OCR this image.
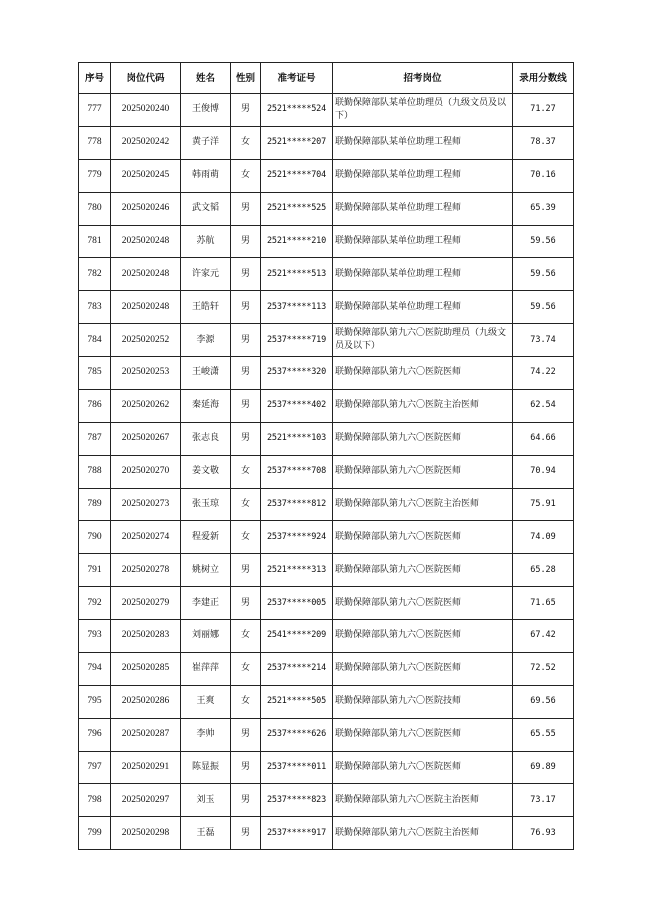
序号	岗位代码	姓名	性别	准考证号	招考岗位	录用分数线
777	2025020240	王俊博	男	2521*****524	联勤保障部队某单位助理员（九级文员及以下）	71.27
778	2025020242	黄子洋	女	2521*****207	联勤保障部队某单位助理工程师	78.37
779	2025020245	韩雨萌	女	2521*****704	联勤保障部队某单位助理工程师	70.16
780	2025020246	武文韬	男	2521*****525	联勤保障部队某单位助理工程师	65.39
781	2025020248	苏航	男	2521*****210	联勤保障部队某单位助理工程师	59.56
782	2025020248	许家元	男	2521*****513	联勤保障部队某单位助理工程师	59.56
783	2025020248	王皓轩	男	2537*****113	联勤保障部队某单位助理工程师	59.56
784	2025020252	李源	男	2537*****719	联勤保障部队第九六〇医院助理员（九级文员及以下）	73.74
785	2025020253	王峻潇	男	2537*****320	联勤保障部队第九六〇医院医师	74.22
786	2025020262	秦延海	男	2537*****402	联勤保障部队第九六〇医院主治医师	62.54
787	2025020267	张志良	男	2521*****103	联勤保障部队第九六〇医院医师	64.66
788	2025020270	姜文敬	女	2537*****708	联勤保障部队第九六〇医院医师	70.94
789	2025020273	张玉琼	女	2537*****812	联勤保障部队第九六〇医院主治医师	75.91
790	2025020274	程爱新	女	2537*****924	联勤保障部队第九六〇医院医师	74.09
791	2025020278	姚树立	男	2521*****313	联勤保障部队第九六〇医院医师	65.28
792	2025020279	李建正	男	2537*****005	联勤保障部队第九六〇医院医师	71.65
793	2025020283	刘丽娜	女	2541*****209	联勤保障部队第九六〇医院医师	67.42
794	2025020285	崔萍萍	女	2537*****214	联勤保障部队第九六〇医院医师	72.52
795	2025020286	王爽	女	2521*****505	联勤保障部队第九六〇医院技师	69.56
796	2025020287	李帅	男	2537*****626	联勤保障部队第九六〇医院医师	65.55
797	2025020291	陈显振	男	2537*****011	联勤保障部队第九六〇医院医师	69.89
798	2025020297	刘玉	男	2537*****823	联勤保障部队第九六〇医院主治医师	73.17
799	2025020298	王磊	男	2537*****917	联勤保障部队第九六〇医院主治医师	76.93
